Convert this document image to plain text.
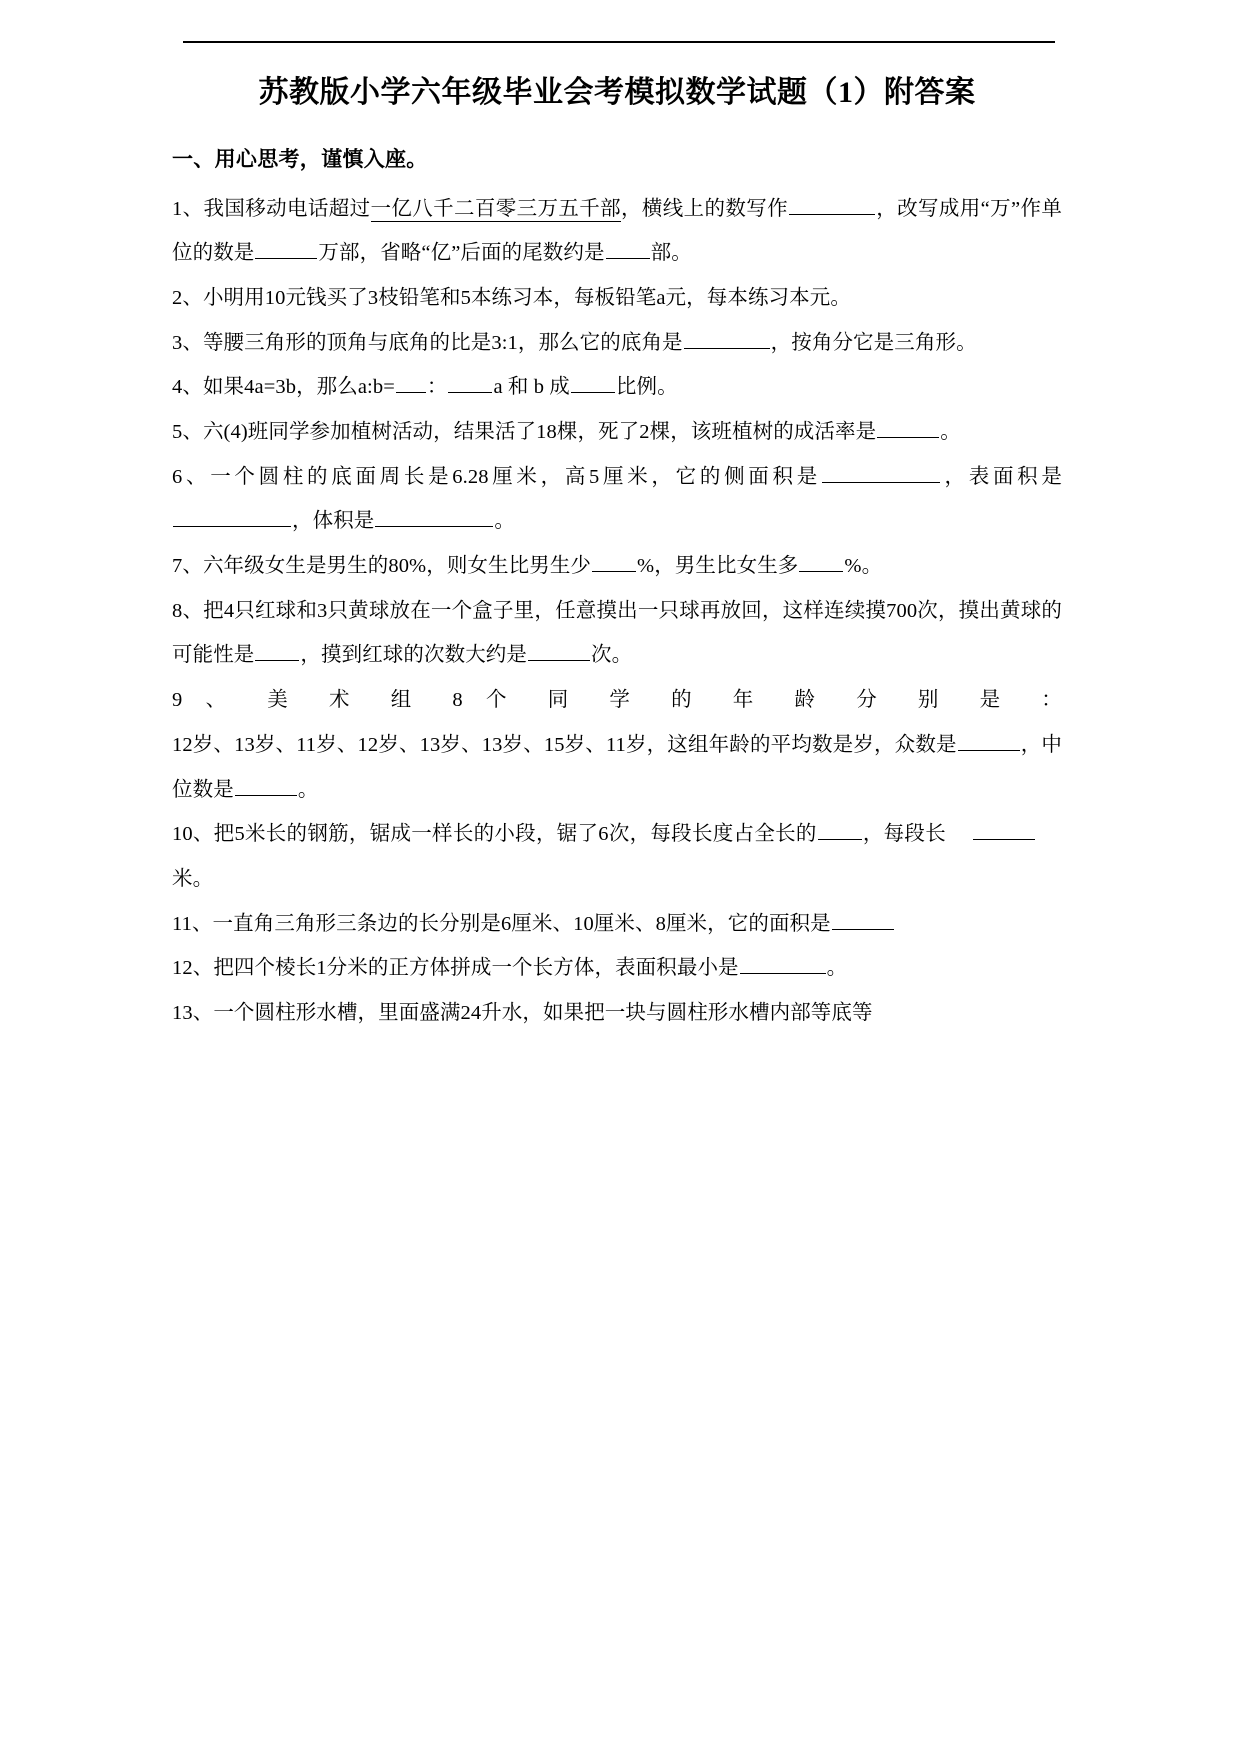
苏教版小学六年级毕业会考模拟数学试题（1）附答案
一、用心思考，谨慎入座。

1、我国移动电话超过一亿八千二百零三万五千部，横线上的数写作	，改写成用“万”作单位的数是	万部，省略“亿”后面的尾数约是 部。

2、小明用10元钱买了3枝铅笔和5本练习本，每板铅笔a元，每本练习本元。

3、等腰三角形的顶角与底角的比是3:1，那么它的底角是	，按角分它是三角形。

4、如果4a=3b，那么a:b= ： a 和 b 成 比例。

5、六(4)班同学参加植树活动，结果活了18棵，死了2棵，该班植树的成活率是	。

6、一个圆柱的底面周长是6.28厘米，高5厘米，它的侧面积是	，表面积是，体积是	。

7、六年级女生是男生的80%，则女生比男生少 %，男生比女生多 %。

8、把4只红球和3只黄球放在一个盒子里，任意摸出一只球再放回，这样连续摸700次，摸出黄球的可能性是 ，摸到红球的次数大约是	次。

9 、 美 术 组 8 个 同 学 的 年 龄 分 别 是 ：
12岁、13岁、11岁、12岁、13岁、13岁、15岁、11岁，这组年龄的平均数是岁，众数是	，中位数是	。

10、把5米长的钢筋，锯成一样长的小段，锯了6次，每段长度占全长的 ，每段长米。

11、一直角三角形三条边的长分别是6厘米、10厘米、8厘米，它的面积是

12、把四个棱长1分米的正方体拼成一个长方体，表面积最小是	。

13、一个圆柱形水槽，里面盛满24升水，如果把一块与圆柱形水槽内部等底等
